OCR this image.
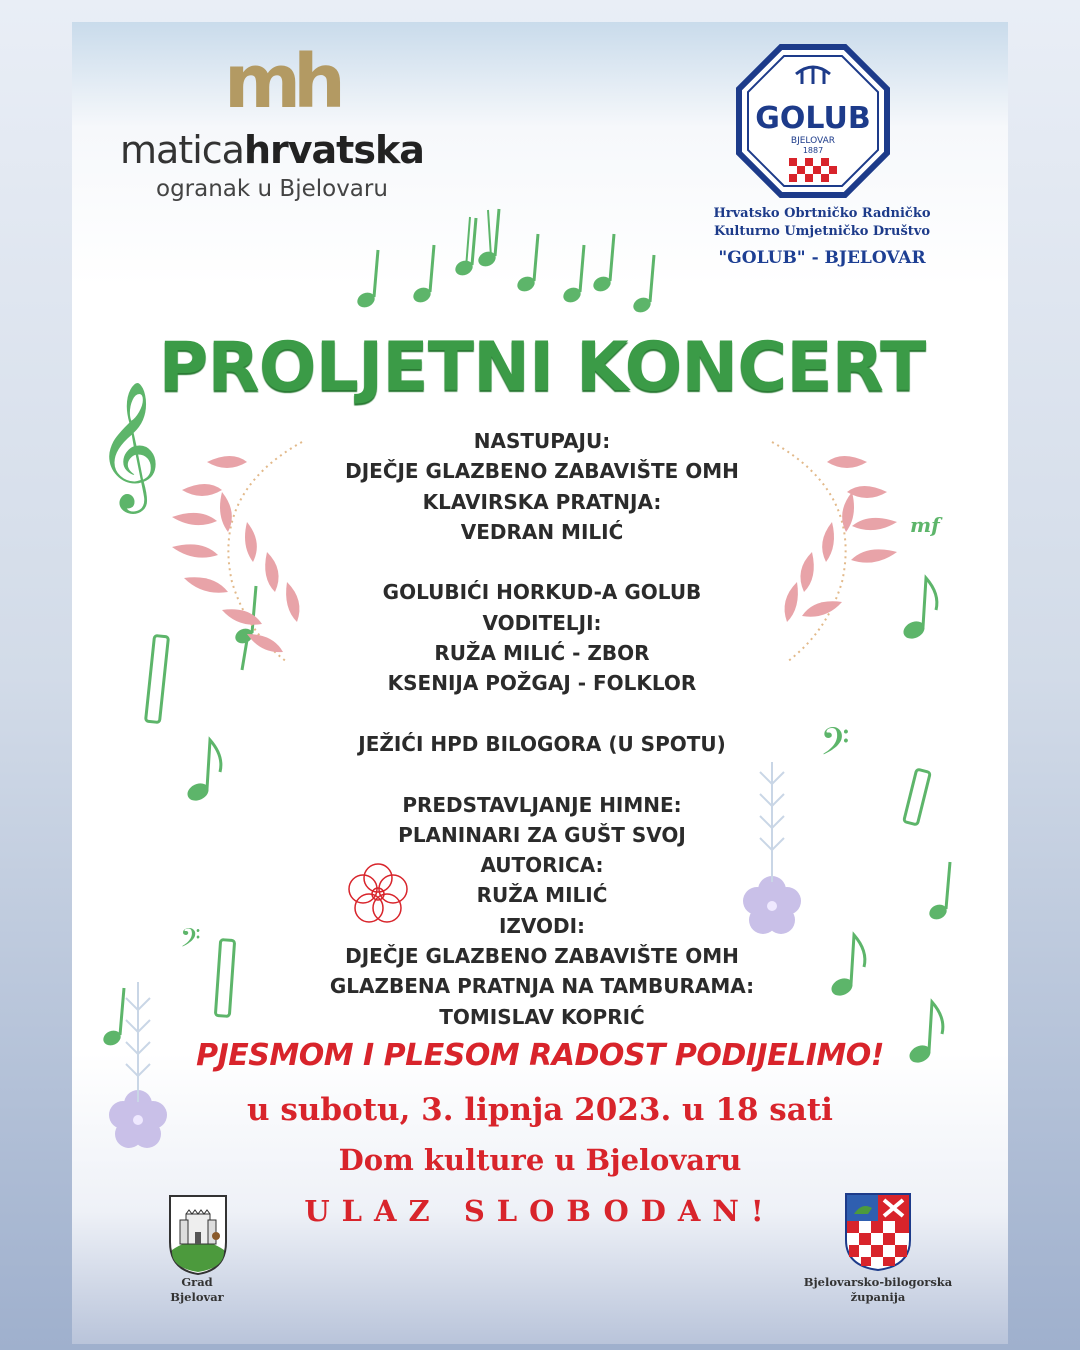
𝄞
𝄢
𝄢
mf
mh
maticahrvatska
ogranak u Bjelovaru
GOLUB
BJELOVAR
1887
Hrvatsko Obrtničko Radničko
Kulturno Umjetničko Društvo
"GOLUB" - BJELOVAR
PROLJETNI KONCERT
NASTUPAJU:
DJEČJE GLAZBENO ZABAVIŠTE OMH
KLAVIRSKA PRATNJA:
VEDRAN MILIĆ

GOLUBIĆI HORKUD-A GOLUB
VODITELJI:
RUŽA MILIĆ - ZBOR
KSENIJA POŽGAJ - FOLKLOR

JEŽIĆI HPD BILOGORA (U SPOTU)

PREDSTAVLJANJE HIMNE:
PLANINARI ZA GUŠT SVOJ
AUTORICA:
RUŽA MILIĆ
IZVODI:
DJEČJE GLAZBENO ZABAVIŠTE OMH
GLAZBENA PRATNJA NA TAMBURAMA:
TOMISLAV KOPRIĆ
PJESMOM I PLESOM RADOST PODIJELIMO!
u subotu, 3. lipnja 2023. u 18 sati
Dom kulture u Bjelovaru
ULAZ SLOBODAN!
Grad
Bjelovar
Bjelovarsko-bilogorska
županija
